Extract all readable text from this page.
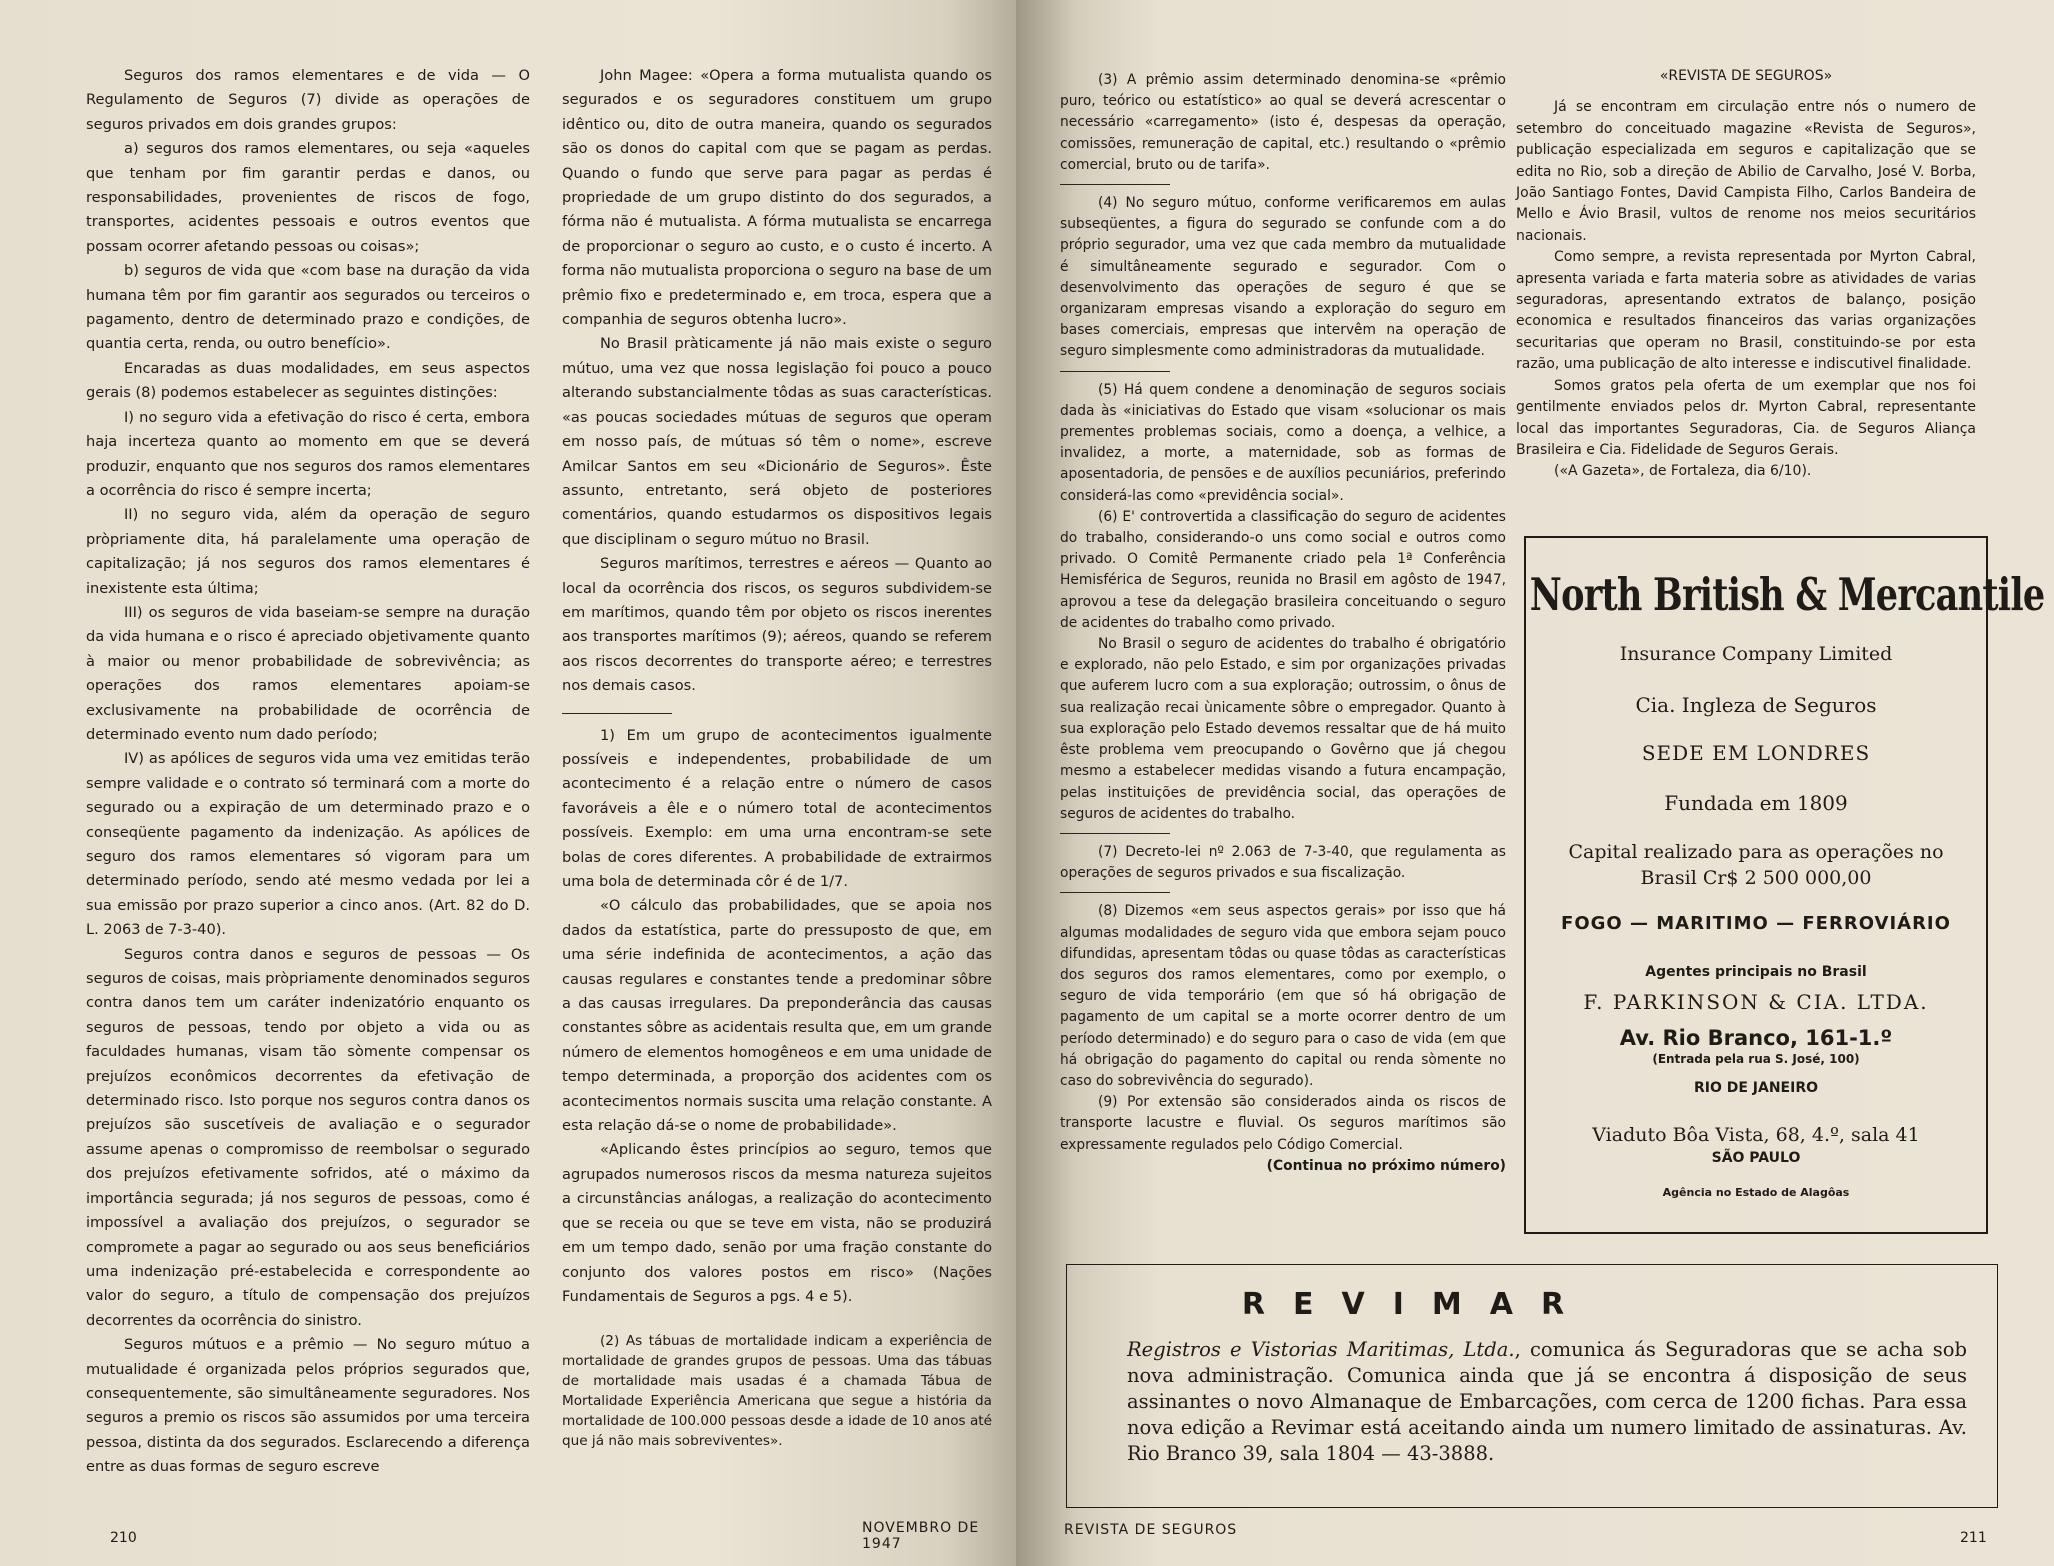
Seguros dos ramos elementares e de vida — O Regulamento de Seguros (7) divide as operações de seguros privados em dois grandes grupos:

a) seguros dos ramos elementares, ou seja «aqueles que tenham por fim garantir perdas e danos, ou responsabilidades, provenientes de riscos de fogo, transportes, acidentes pessoais e outros eventos que possam ocorrer afetando pessoas ou coisas»;

b) seguros de vida que «com base na duração da vida humana têm por fim garantir aos segurados ou terceiros o pagamento, dentro de determinado prazo e condições, de quantia certa, renda, ou outro benefício».

Encaradas as duas modalidades, em seus aspectos gerais (8) podemos estabelecer as seguintes distinções:

I) no seguro vida a efetivação do risco é certa, embora haja incerteza quanto ao momento em que se deverá produzir, enquanto que nos seguros dos ramos elementares a ocorrência do risco é sempre incerta;

II) no seguro vida, além da operação de seguro pròpriamente dita, há paralelamente uma operação de capitalização; já nos seguros dos ramos elementares é inexistente esta última;

III) os seguros de vida baseiam-se sempre na duração da vida humana e o risco é apreciado objetivamente quanto à maior ou menor probabilidade de sobrevivência; as operações dos ramos elementares apoiam-se exclusivamente na probabilidade de ocorrência de determinado evento num dado período;

IV) as apólices de seguros vida uma vez emitidas terão sempre validade e o contrato só terminará com a morte do segurado ou a expiração de um determinado prazo e o conseqüente pagamento da indenização. As apólices de seguro dos ramos elementares só vigoram para um determinado período, sendo até mesmo vedada por lei a sua emissão por prazo superior a cinco anos. (Art. 82 do D. L. 2063 de 7-3-40).

Seguros contra danos e seguros de pessoas — Os seguros de coisas, mais pròpriamente denominados seguros contra danos tem um caráter indenizatório enquanto os seguros de pessoas, tendo por objeto a vida ou as faculdades humanas, visam tão sòmente compensar os prejuízos econômicos decorrentes da efetivação de determinado risco. Isto porque nos seguros contra danos os prejuízos são suscetíveis de avaliação e o segurador assume apenas o compromisso de reembolsar o segurado dos prejuízos efetivamente sofridos, até o máximo da importância segurada; já nos seguros de pessoas, como é impossível a avaliação dos prejuízos, o segurador se compromete a pagar ao segurado ou aos seus beneficiários uma indenização pré-estabelecida e correspondente ao valor do seguro, a título de compensação dos prejuízos decorrentes da ocorrência do sinistro.

Seguros mútuos e a prêmio — No seguro mútuo a mutualidade é organizada pelos próprios segurados que, consequentemente, são simultâneamente seguradores. Nos seguros a premio os riscos são assumidos por uma terceira pessoa, distinta da dos segurados. Esclarecendo a diferença entre as duas formas de seguro escreve

John Magee: «Opera a forma mutualista quando os segurados e os seguradores constituem um grupo idêntico ou, dito de outra maneira, quando os segurados são os donos do capital com que se pagam as perdas. Quando o fundo que serve para pagar as perdas é propriedade de um grupo distinto do dos segurados, a fórma não é mutualista. A fórma mutualista se encarrega de proporcionar o seguro ao custo, e o custo é incerto. A forma não mutualista proporciona o seguro na base de um prêmio fixo e predeterminado e, em troca, espera que a companhia de seguros obtenha lucro».

No Brasil pràticamente já não mais existe o seguro mútuo, uma vez que nossa legislação foi pouco a pouco alterando substancialmente tôdas as suas características. «as poucas sociedades mútuas de seguros que operam em nosso país, de mútuas só têm o nome», escreve Amilcar Santos em seu «Dicionário de Seguros». Êste assunto, entretanto, será objeto de posteriores comentários, quando estudarmos os dispositivos legais que disciplinam o seguro mútuo no Brasil.

Seguros marítimos, terrestres e aéreos — Quanto ao local da ocorrência dos riscos, os seguros subdividem-se em marítimos, quando têm por objeto os riscos inerentes aos transportes marítimos (9); aéreos, quando se referem aos riscos decorrentes do transporte aéreo; e terrestres nos demais casos.

1) Em um grupo de acontecimentos igualmente possíveis e independentes, probabilidade de um acontecimento é a relação entre o número de casos favoráveis a êle e o número total de acontecimentos possíveis. Exemplo: em uma urna encontram-se sete bolas de cores diferentes. A probabilidade de extrairmos uma bola de determinada côr é de 1/7.

«O cálculo das probabilidades, que se apoia nos dados da estatística, parte do pressuposto de que, em uma série indefinida de acontecimentos, a ação das causas regulares e constantes tende a predominar sôbre a das causas irregulares. Da preponderância das causas constantes sôbre as acidentais resulta que, em um grande número de elementos homogêneos e em uma unidade de tempo determinada, a proporção dos acidentes com os acontecimentos normais suscita uma relação constante. A esta relação dá-se o nome de probabilidade».

«Aplicando êstes princípios ao seguro, temos que agrupados numerosos riscos da mesma natureza sujeitos a circunstâncias análogas, a realização do acontecimento que se receia ou que se teve em vista, não se produzirá em um tempo dado, senão por uma fração constante do conjunto dos valores postos em risco» (Nações Fundamentais de Seguros a pgs. 4 e 5).

(2) As tábuas de mortalidade indicam a experiência de mortalidade de grandes grupos de pessoas. Uma das tábuas de mortalidade mais usadas é a chamada Tábua de Mortalidade Experiência Americana que segue a história da mortalidade de 100.000 pessoas desde a idade de 10 anos até que já não mais sobreviventes».

210
NOVEMBRO DE 1947

(3) A prêmio assim determinado denomina-se «prêmio puro, teórico ou estatístico» ao qual se deverá acrescentar o necessário «carregamento» (isto é, despesas da operação, comissões, remuneração de capital, etc.) resultando o «prêmio comercial, bruto ou de tarifa».

(4) No seguro mútuo, conforme verificaremos em aulas subseqüentes, a figura do segurado se confunde com a do próprio segurador, uma vez que cada membro da mutualidade é simultâneamente segurado e segurador. Com o desenvolvimento das operações de seguro é que se organizaram empresas visando a exploração do seguro em bases comerciais, empresas que intervêm na operação de seguro simplesmente como administradoras da mutualidade.

(5) Há quem condene a denominação de seguros sociais dada às «iniciativas do Estado que visam «solucionar os mais prementes problemas sociais, como a doença, a velhice, a invalidez, a morte, a maternidade, sob as formas de aposentadoria, de pensões e de auxílios pecuniários, preferindo considerá-las como «previdência social».

(6) E' controvertida a classificação do seguro de acidentes do trabalho, considerando-o uns como social e outros como privado. O Comitê Permanente criado pela 1ª Conferência Hemisférica de Seguros, reunida no Brasil em agôsto de 1947, aprovou a tese da delegação brasileira conceituando o seguro de acidentes do trabalho como privado.

No Brasil o seguro de acidentes do trabalho é obrigatório e explorado, não pelo Estado, e sim por organizações privadas que auferem lucro com a sua exploração; outrossim, o ônus de sua realização recai ùnicamente sôbre o empregador. Quanto à sua exploração pelo Estado devemos ressaltar que de há muito êste problema vem preocupando o Govêrno que já chegou mesmo a estabelecer medidas visando a futura encampação, pelas instituições de previdência social, das operações de seguros de acidentes do trabalho.

(7) Decreto-lei nº 2.063 de 7-3-40, que regulamenta as operações de seguros privados e sua fiscalização.

(8) Dizemos «em seus aspectos gerais» por isso que há algumas modalidades de seguro vida que embora sejam pouco difundidas, apresentam tôdas ou quase tôdas as características dos seguros dos ramos elementares, como por exemplo, o seguro de vida temporário (em que só há obrigação de pagamento de um capital se a morte ocorrer dentro de um período determinado) e do seguro para o caso de vida (em que há obrigação do pagamento do capital ou renda sòmente no caso do sobrevivência do segurado).

(9) Por extensão são considerados ainda os riscos de transporte lacustre e fluvial. Os seguros marítimos são expressamente regulados pelo Código Comercial.

(Continua no próximo número)

«REVISTA DE SEGUROS»

Já se encontram em circulação entre nós o numero de setembro do conceituado magazine «Revista de Seguros», publicação especializada em seguros e capitalização que se edita no Rio, sob a direção de Abilio de Carvalho, José V. Borba, João Santiago Fontes, David Campista Filho, Carlos Bandeira de Mello e Ávio Brasil, vultos de renome nos meios securitários nacionais.

Como sempre, a revista representada por Myrton Cabral, apresenta variada e farta materia sobre as atividades de varias seguradoras, apresentando extratos de balanço, posição economica e resultados financeiros das varias organizações securitarias que operam no Brasil, constituindo-se por esta razão, uma publicação de alto interesse e indiscutivel finalidade.

Somos gratos pela oferta de um exemplar que nos foi gentilmente enviados pelos dr. Myrton Cabral, representante local das importantes Seguradoras, Cia. de Seguros Aliança Brasileira e Cia. Fidelidade de Seguros Gerais.

(«A Gazeta», de Fortaleza, dia 6/10).

North British & Mercantile
Insurance Company Limited
Cia. Ingleza de Seguros
SEDE EM LONDRES
Fundada em 1809
Capital realizado para as operações no
Brasil Cr$ 2 500 000,00
FOGO — MARITIMO — FERROVIÁRIO
Agentes principais no Brasil
F. PARKINSON & CIA. LTDA.
Av. Rio Branco, 161-1.º
(Entrada pela rua S. José, 100)
RIO DE JANEIRO
Viaduto Bôa Vista, 68, 4.º, sala 41
SÃO PAULO
Agência no Estado de Alagôas
REVIMAR
Registros e Vistorias Maritimas, Ltda., comunica ás Seguradoras que se acha sob nova administração. Comunica ainda que já se encontra á disposição de seus assinantes o novo Almanaque de Embarcações, com cerca de 1200 fichas. Para essa nova edição a Revimar está aceitando ainda um numero limitado de assinaturas. Av. Rio Branco 39, sala 1804 — 43-3888.
REVISTA DE SEGUROS	211
